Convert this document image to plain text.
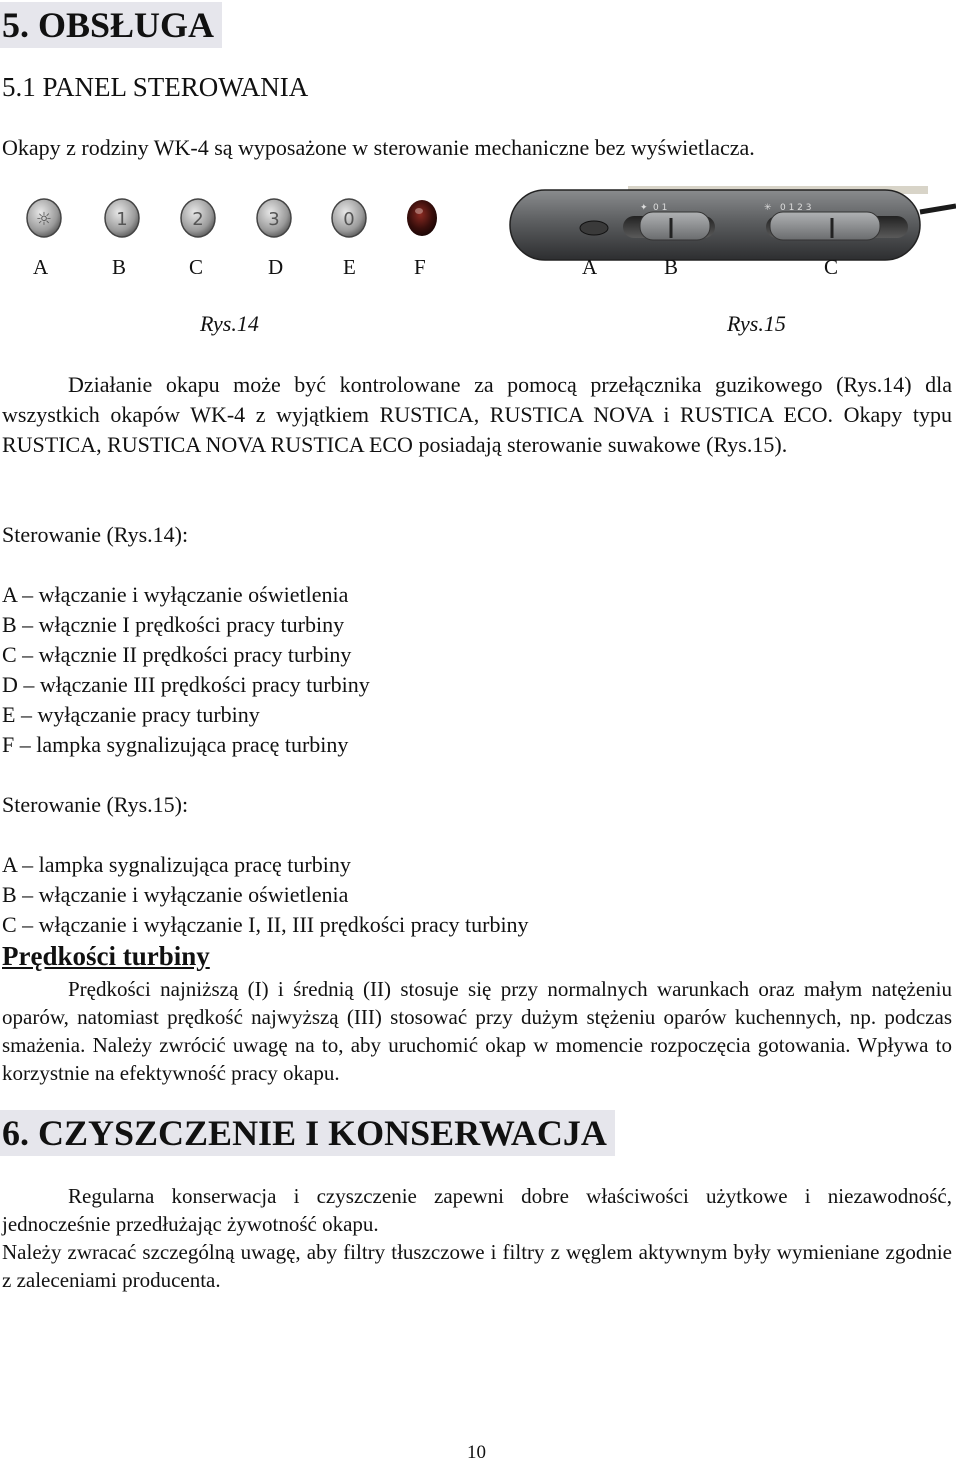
5. OBSŁUGA
5.1 PANEL STEROWANIA
Okapy z rodziny WK-4 są wyposażone w sterowanie mechaniczne bez wyświetlacza.
☼	1	2	3	0
A	B	C	D	E	F
✦ 0 1	✳ 0 1 2 3
A	B	C
Rys.14	Rys.15
Działanie okapu może być kontrolowane za pomocą przełącznika guzikowego (Rys.14) dla wszystkich okapów WK-4 z wyjątkiem RUSTICA, RUSTICA NOVA i RUSTICA ECO. Okapy typu RUSTICA, RUSTICA NOVA RUSTICA ECO posiadają sterowanie suwakowe (Rys.15).
Sterowanie (Rys.14):
A – włączanie i wyłączanie oświetlenia
B – włącznie I prędkości pracy turbiny
C – włącznie II prędkości pracy turbiny
D – włączanie III prędkości pracy turbiny
E – wyłączanie pracy turbiny
F – lampka sygnalizująca pracę turbiny
Sterowanie (Rys.15):
A – lampka sygnalizująca pracę turbiny
B – włączanie i wyłączanie oświetlenia
C – włączanie i wyłączanie I, II, III prędkości pracy turbiny
Prędkości turbiny
Prędkości najniższą (I) i średnią (II) stosuje się przy normalnych warunkach oraz małym natężeniu oparów, natomiast prędkość najwyższą (III) stosować przy dużym stężeniu oparów kuchennych, np. podczas smażenia. Należy zwrócić uwagę na to, aby uruchomić okap w momencie rozpoczęcia gotowania. Wpływa to korzystnie na efektywność pracy okapu.
6. CZYSZCZENIE I KONSERWACJA
Regularna konserwacja i czyszczenie zapewni dobre właściwości użytkowe i niezawodność, jednocześnie przedłużając żywotność okapu.
Należy zwracać szczególną uwagę, aby filtry tłuszczowe i filtry z węglem aktywnym były wymieniane zgodnie z zaleceniami producenta.
10
